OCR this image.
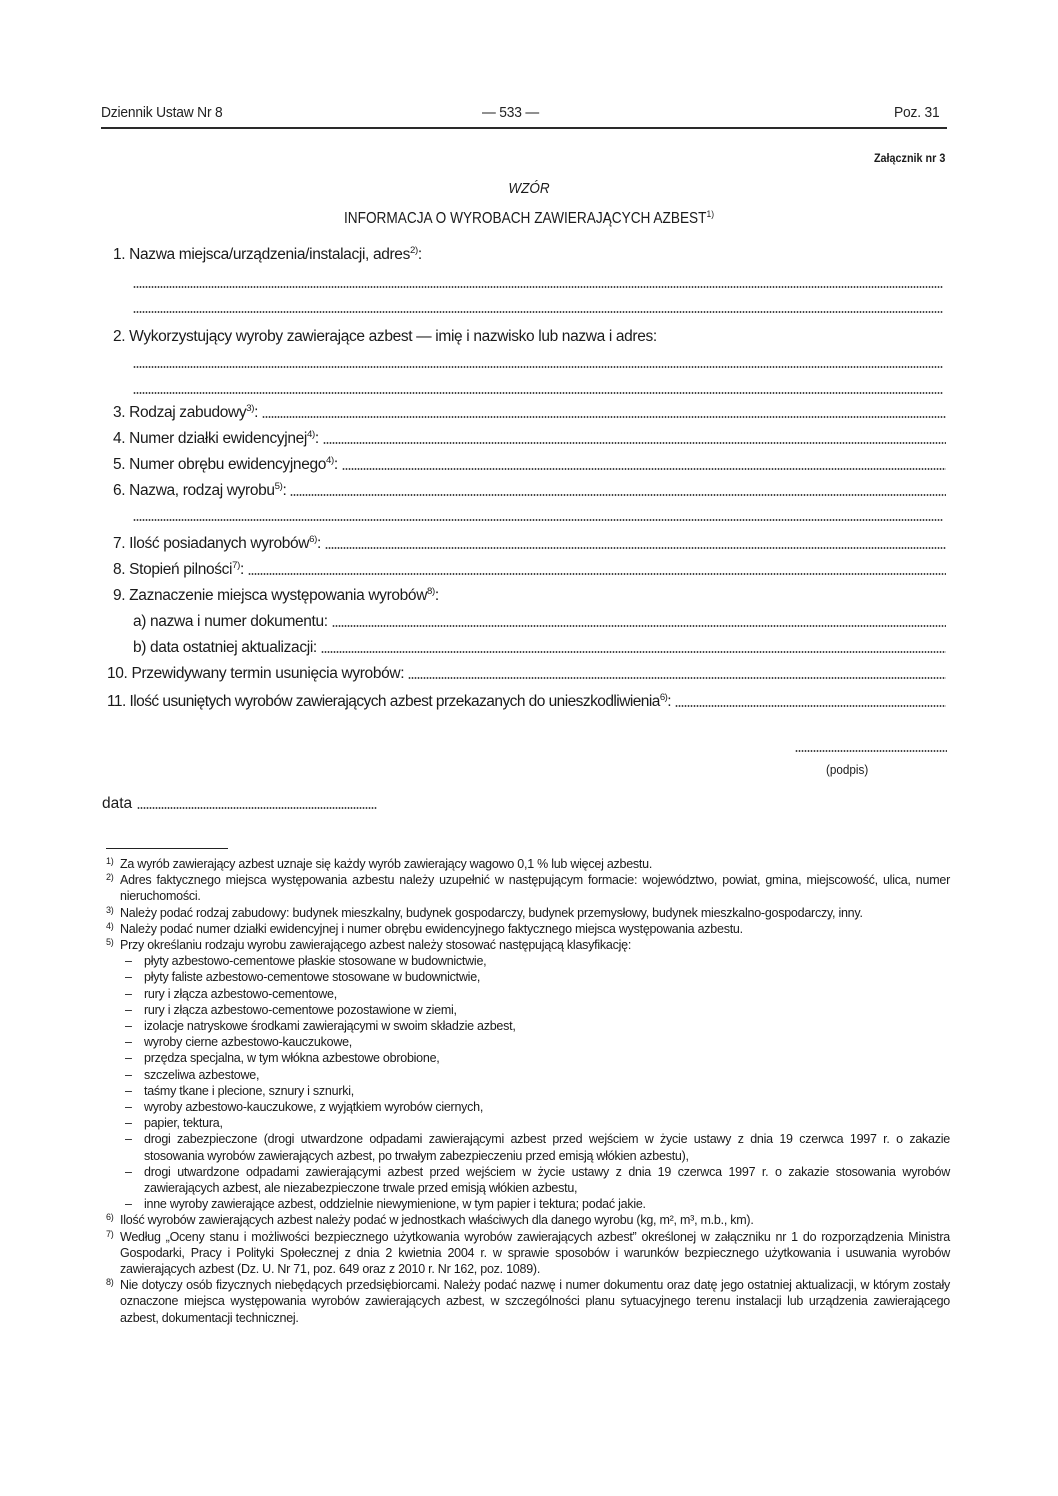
Dziennik Ustaw Nr 8	— 533 —	Poz. 31
Załącznik nr 3
WZÓR
INFORMACJA O WYROBACH ZAWIERAJĄCYCH AZBEST$^{1)}$
1. Nazwa miejsca/urządzenia/instalacji, adres$^{2)}$:
2. Wykorzystujący wyroby zawierające azbest — imię i nazwisko lub nazwa i adres:
3. Rodzaj zabudowy$^{3)}$:
4. Numer działki ewidencyjnej$^{4)}$:
5. Numer obrębu ewidencyjnego$^{4)}$:
6. Nazwa, rodzaj wyrobu$^{5)}$:
7. Ilość posiadanych wyrobów$^{6)}$:
8. Stopień pilności$^{7)}$:
9. Zaznaczenie miejsca występowania wyrobów$^{8)}$:
a) nazwa i numer dokumentu:
b) data ostatniej aktualizacji:
10. Przewidywany termin usunięcia wyrobów:
11. Ilość usuniętych wyrobów zawierających azbest przekazanych do unieszkodliwienia$^{6)}$:
(podpis)
data
1) Za wyrób zawierający azbest uznaje się każdy wyrób zawierający wagowo 0,1 % lub więcej azbestu.
2) Adres faktycznego miejsca występowania azbestu należy uzupełnić w następującym formacie: województwo, powiat, gmina, miejscowość, ulica, numer nieruchomości.
3) Należy podać rodzaj zabudowy: budynek mieszkalny, budynek gospodarczy, budynek przemysłowy, budynek mieszkalno-gospodarczy, inny.
4) Należy podać numer działki ewidencyjnej i numer obrębu ewidencyjnego faktycznego miejsca występowania azbestu.
5) Przy określaniu rodzaju wyrobu zawierającego azbest należy stosować następującą klasyfikację:
– płyty azbestowo-cementowe płaskie stosowane w budownictwie,
– płyty faliste azbestowo-cementowe stosowane w budownictwie,
– rury i złącza azbestowo-cementowe,
– rury i złącza azbestowo-cementowe pozostawione w ziemi,
– izolacje natryskowe środkami zawierającymi w swoim składzie azbest,
– wyroby cierne azbestowo-kauczukowe,
– przędza specjalna, w tym włókna azbestowe obrobione,
– szczeliwa azbestowe,
– taśmy tkane i plecione, sznury i sznurki,
– wyroby azbestowo-kauczukowe, z wyjątkiem wyrobów ciernych,
– papier, tektura,
– drogi zabezpieczone (drogi utwardzone odpadami zawierającymi azbest przed wejściem w życie ustawy z dnia 19 czerwca 1997 r. o zakazie stosowania wyrobów zawierających azbest, po trwałym zabezpieczeniu przed emisją włókien azbestu),
– drogi utwardzone odpadami zawierającymi azbest przed wejściem w życie ustawy z dnia 19 czerwca 1997 r. o zakazie stosowania wyrobów zawierających azbest, ale niezabezpieczone trwale przed emisją włókien azbestu,
– inne wyroby zawierające azbest, oddzielnie niewymienione, w tym papier i tektura; podać jakie.
6) Ilość wyrobów zawierających azbest należy podać w jednostkach właściwych dla danego wyrobu (kg, m², m³, m.b., km).
7) Według „Oceny stanu i możliwości bezpiecznego użytkowania wyrobów zawierających azbest” określonej w załączniku nr 1 do rozporządzenia Ministra Gospodarki, Pracy i Polityki Społecznej z dnia 2 kwietnia 2004 r. w sprawie sposobów i warunków bezpiecznego użytkowania i usuwania wyrobów zawierających azbest (Dz. U. Nr 71, poz. 649 oraz z 2010 r. Nr 162, poz. 1089).
8) Nie dotyczy osób fizycznych niebędących przedsiębiorcami. Należy podać nazwę i numer dokumentu oraz datę jego ostatniej aktualizacji, w którym zostały oznaczone miejsca występowania wyrobów zawierających azbest, w szczególności planu sytuacyjnego terenu instalacji lub urządzenia zawierającego azbest, dokumentacji technicznej.
